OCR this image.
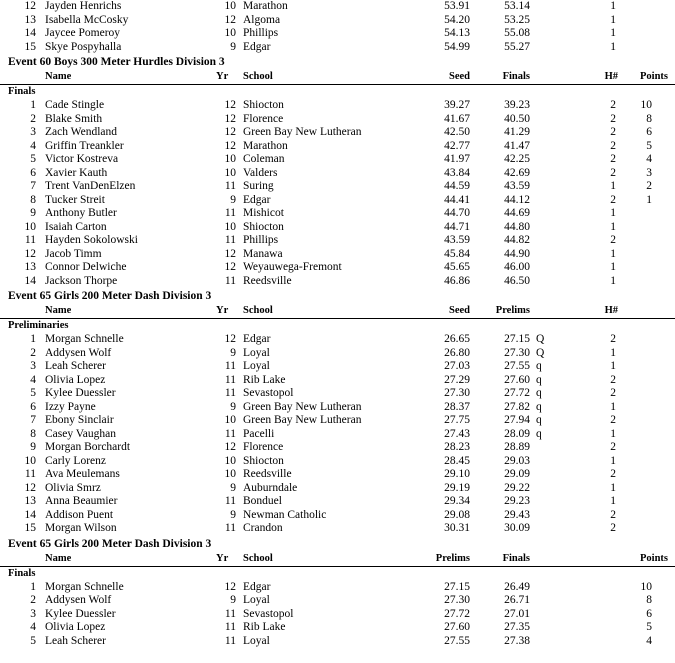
12 Jayden Henrichs	10 Marathon	53.91	53.14	1
13 Isabella McCosky	12 Algoma	54.20	53.25	1
14 Jaycee Pomeroy	10 Phillips	54.13	55.08	1
15 Skye Pospyhalla	9 Edgar	54.99	55.27	1
Event 60 Boys 300 Meter Hurdles Division 3
Name	Yr School	Seed	Finals	H#	Points
Finals
1 Cade Stingle	12 Shiocton	39.27	39.23	2	10
2 Blake Smith	12 Florence	41.67	40.50	2	8
3 Zach Wendland	12 Green Bay New Lutheran	42.50	41.29	2	6
4 Griffin Treankler	12 Marathon	42.77	41.47	2	5
5 Victor Kostreva	10 Coleman	41.97	42.25	2	4
6 Xavier Kauth	10 Valders	43.84	42.69	2	3
7 Trent VanDenElzen	11 Suring	44.59	43.59	1	2
8 Tucker Streit	9 Edgar	44.41	44.12	2	1
9 Anthony Butler	11 Mishicot	44.70	44.69	1
10 Isaiah Carton	10 Shiocton	44.71	44.80	1
11 Hayden Sokolowski	11 Phillips	43.59	44.82	2
12 Jacob Timm	12 Manawa	45.84	44.90	1
13 Connor Delwiche	12 Weyauwega-Fremont	45.65	46.00	1
14 Jackson Thorpe	11 Reedsville	46.86	46.50	1
Event 65 Girls 200 Meter Dash Division 3
Name	Yr School	Seed	Prelims	H#
Preliminaries
1 Morgan Schnelle	12 Edgar	26.65	27.15 Q	2
2 Addysen Wolf	9 Loyal	26.80	27.30 Q	1
3 Leah Scherer	11 Loyal	27.03	27.55 q	1
4 Olivia Lopez	11 Rib Lake	27.29	27.60 q	2
5 Kylee Duessler	11 Sevastopol	27.30	27.72 q	2
6 Izzy Payne	9 Green Bay New Lutheran	28.37	27.82 q	1
7 Ebony Sinclair	10 Green Bay New Lutheran	27.75	27.94 q	2
8 Casey Vaughan	11 Pacelli	27.43	28.09 q	1
9 Morgan Borchardt	12 Florence	28.23	28.89	2
10 Carly Lorenz	10 Shiocton	28.45	29.03	1
11 Ava Meulemans	10 Reedsville	29.10	29.09	2
12 Olivia Smrz	9 Auburndale	29.19	29.22	1
13 Anna Beaumier	11 Bonduel	29.34	29.23	1
14 Addison Puent	9 Newman Catholic	29.08	29.43	2
15 Morgan Wilson	11 Crandon	30.31	30.09	2
Event 65 Girls 200 Meter Dash Division 3
Name	Yr School	Prelims	Finals	Points
Finals
1 Morgan Schnelle	12 Edgar	27.15	26.49	10
2 Addysen Wolf	9 Loyal	27.30	26.71	8
3 Kylee Duessler	11 Sevastopol	27.72	27.01	6
4 Olivia Lopez	11 Rib Lake	27.60	27.35	5
5 Leah Scherer	11 Loyal	27.55	27.38	4
